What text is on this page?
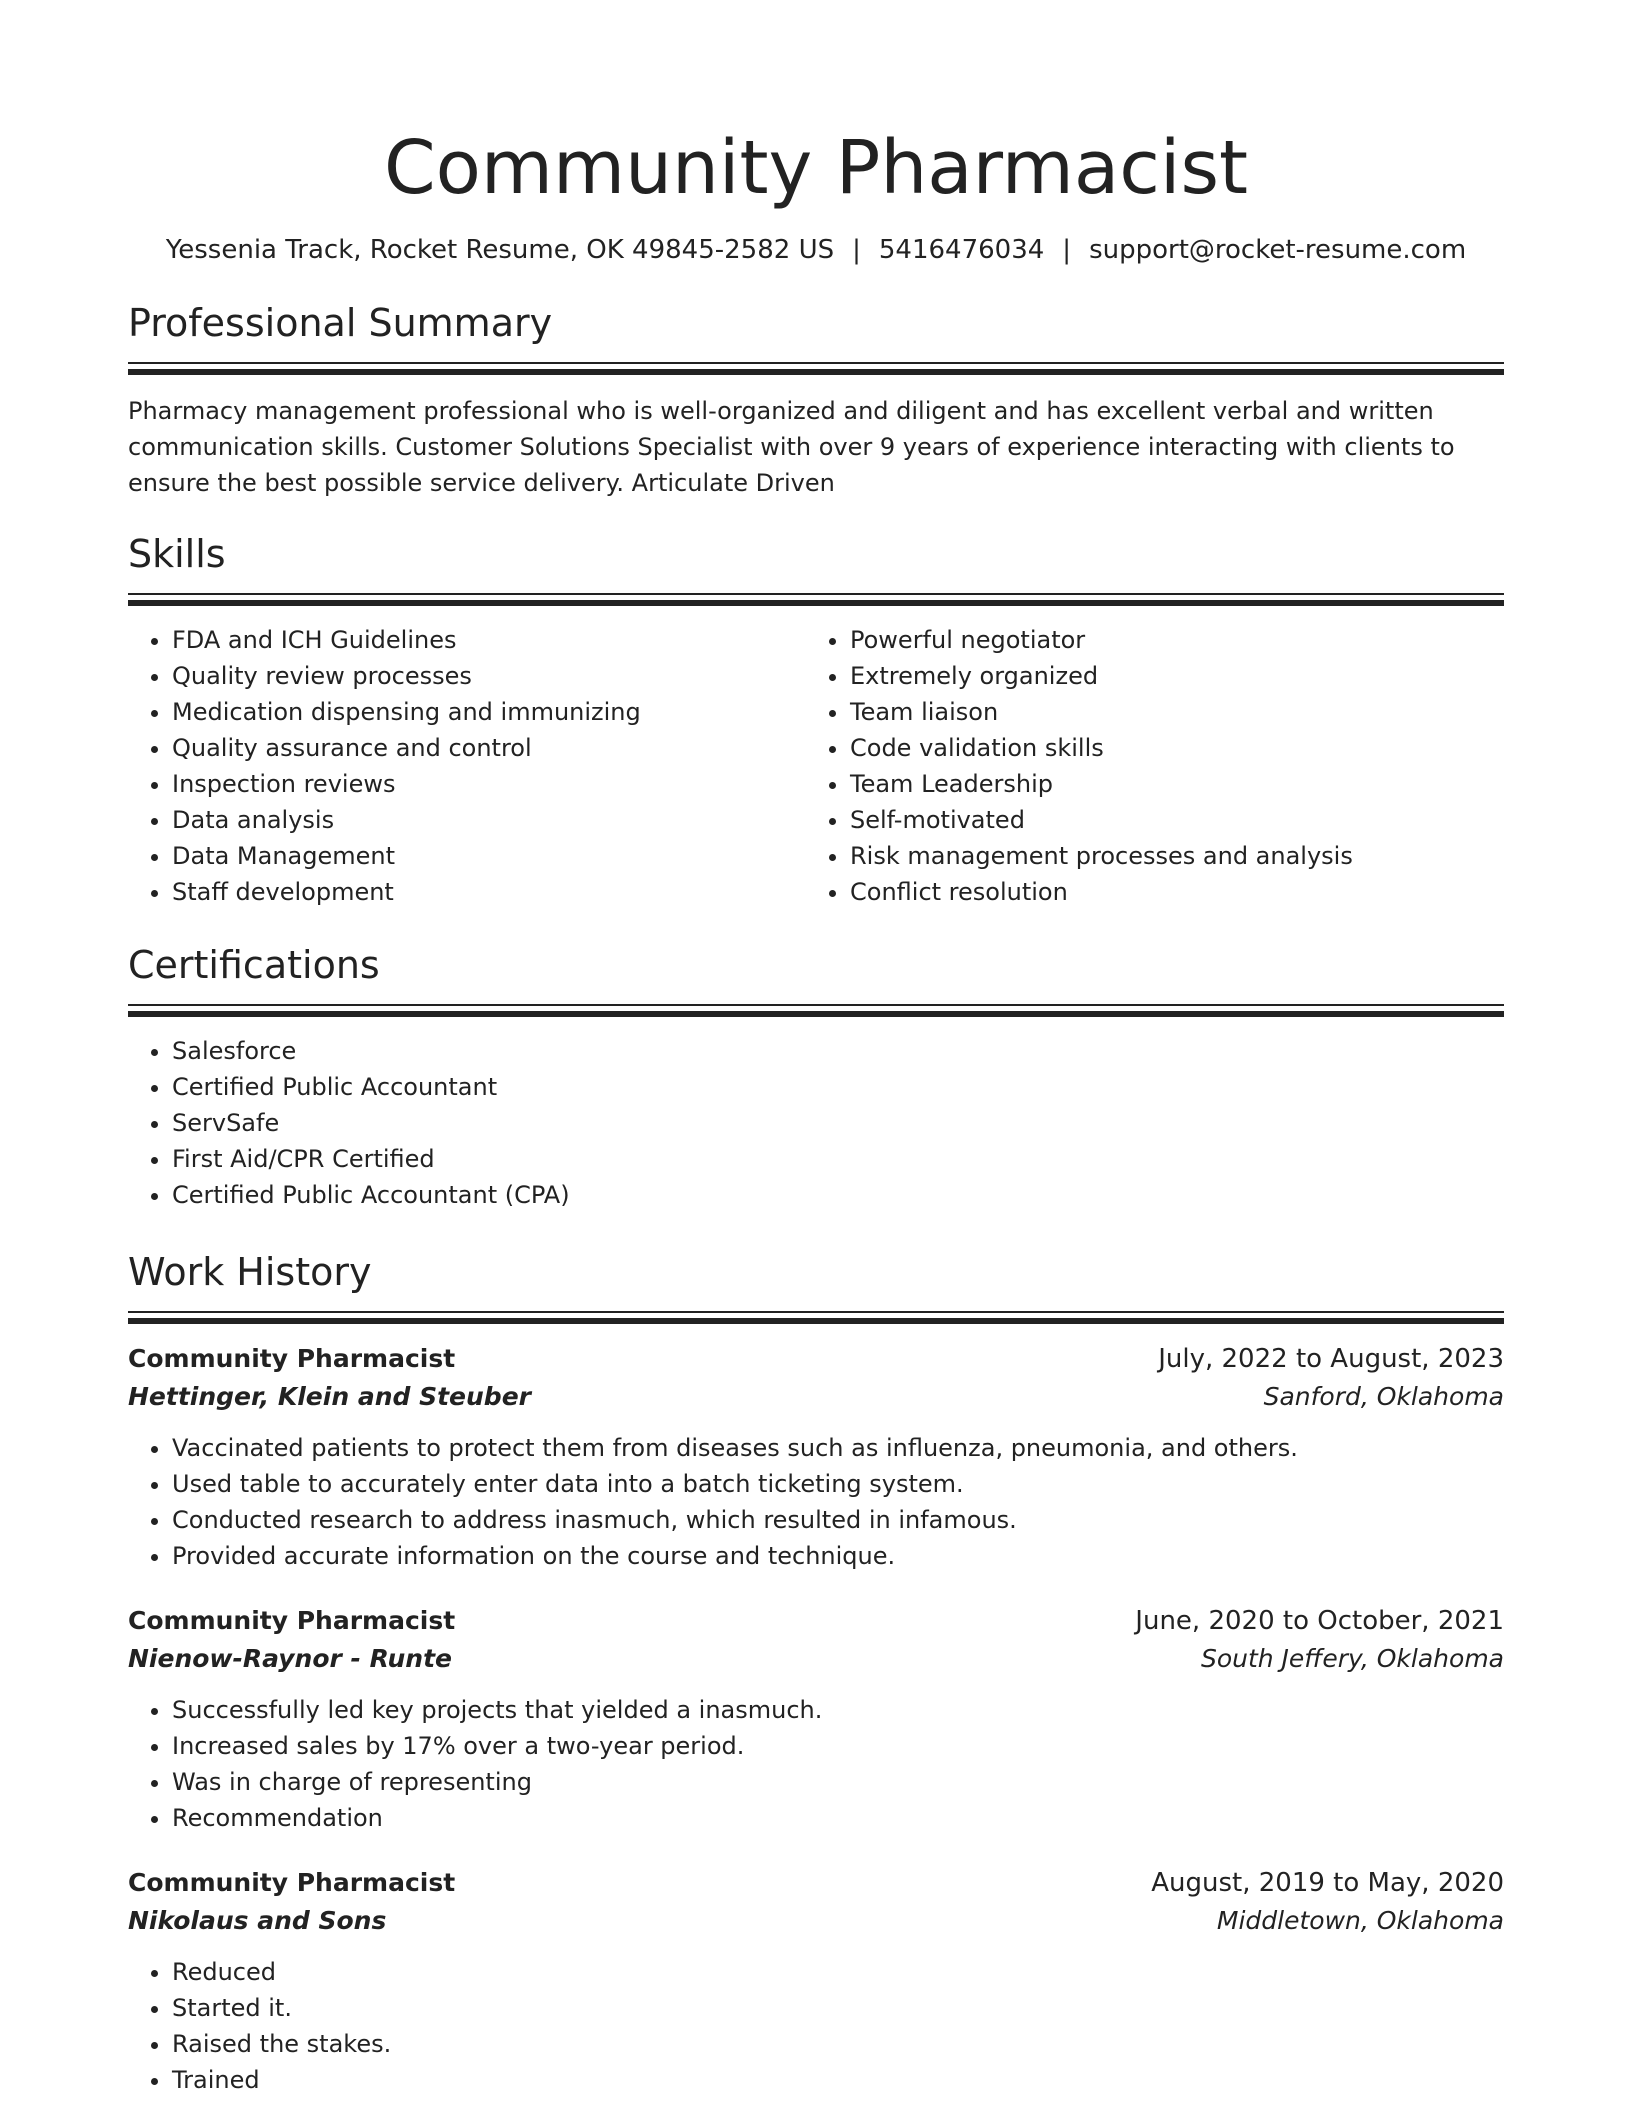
Community Pharmacist
Yessenia Track, Rocket Resume, OK 49845-2582 US | 5416476034 | support@rocket-resume.com
Professional Summary
Pharmacy management professional who is well-organized and diligent and has excellent verbal and written communication skills. Customer Solutions Specialist with over 9 years of experience interacting with clients to ensure the best possible service delivery. Articulate Driven
Skills
• FDA and ICH Guidelines
• Quality review processes
• Medication dispensing and immunizing
• Quality assurance and control
• Inspection reviews
• Data analysis
• Data Management
• Staff development
• Powerful negotiator
• Extremely organized
• Team liaison
• Code validation skills
• Team Leadership
• Self-motivated
• Risk management processes and analysis
• Conflict resolution
Certifications
• Salesforce
• Certified Public Accountant
• ServSafe
• First Aid/CPR Certified
• Certified Public Accountant (CPA)
Work History
Community Pharmacist	July, 2022 to August, 2023
Hettinger, Klein and Steuber	Sanford, Oklahoma
• Vaccinated patients to protect them from diseases such as influenza, pneumonia, and others.
• Used table to accurately enter data into a batch ticketing system.
• Conducted research to address inasmuch, which resulted in infamous.
• Provided accurate information on the course and technique.
Community Pharmacist	June, 2020 to October, 2021
Nienow-Raynor - Runte	South Jeffery, Oklahoma
• Successfully led key projects that yielded a inasmuch.
• Increased sales by 17% over a two-year period.
• Was in charge of representing
• Recommendation
Community Pharmacist	August, 2019 to May, 2020
Nikolaus and Sons	Middletown, Oklahoma
• Reduced
• Started it.
• Raised the stakes.
• Trained
